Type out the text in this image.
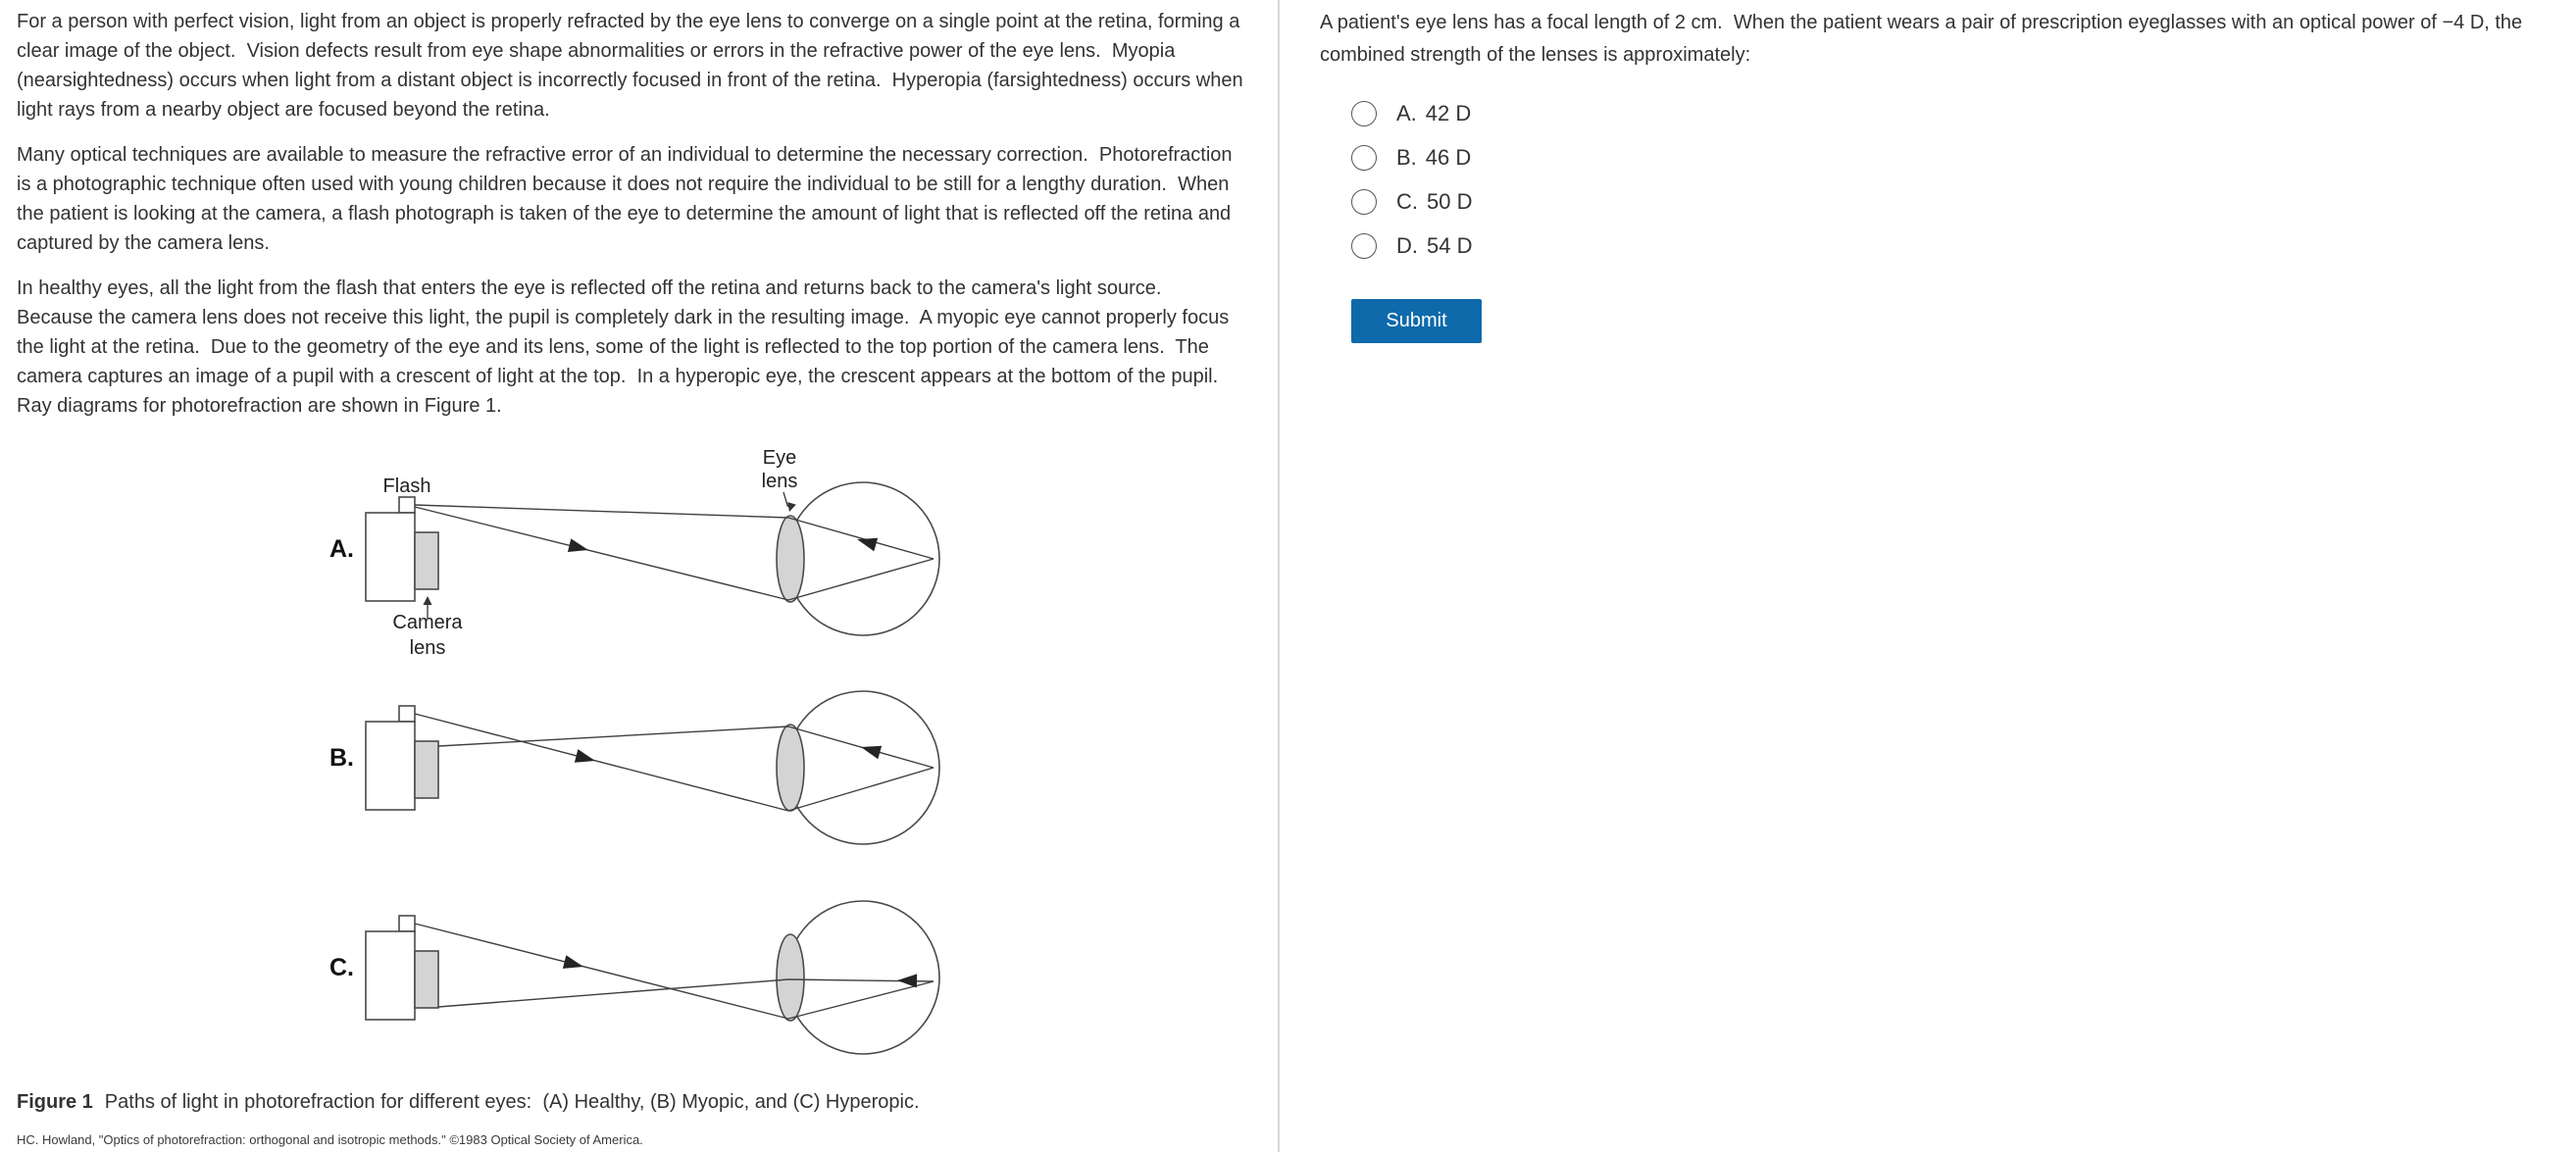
For a person with perfect vision, light from an object is properly refracted by the eye lens to converge on a single point at the retina, forming a clear image of the object.  Vision defects result from eye shape abnormalities or errors in the refractive power of the eye lens.  Myopia (nearsightedness) occurs when light from a distant object is incorrectly focused in front of the retina.  Hyperopia (farsightedness) occurs when light rays from a nearby object are focused beyond the retina.

Many optical techniques are available to measure the refractive error of an individual to determine the necessary correction.  Photorefraction is a photographic technique often used with young children because it does not require the individual to be still for a lengthy duration.  When the patient is looking at the camera, a flash photograph is taken of the eye to determine the amount of light that is reflected off the retina and captured by the camera lens.

In healthy eyes, all the light from the flash that enters the eye is reflected off the retina and returns back to the camera's light source.  Because the camera lens does not receive this light, the pupil is completely dark in the resulting image.  A myopic eye cannot properly focus the light at the retina.  Due to the geometry of the eye and its lens, some of the light is reflected to the top portion of the camera lens.  The camera captures an image of a pupil with a crescent of light at the top.  In a hyperopic eye, the crescent appears at the bottom of the pupil.  Ray diagrams for photorefraction are shown in Figure 1.

A.
Flash
Camera
lens
Eye
lens
B.
C.

Figure 1 Paths of light in photorefraction for different eyes:  (A) Healthy, (B) Myopic, and (C) Hyperopic.

HC. Howland, "Optics of photorefraction: orthogonal and isotropic methods." ©1983 Optical Society of America.

A patient's eye lens has a focal length of 2 cm.  When the patient wears a pair of prescription eyeglasses with an optical power of −4 D, the combined strength of the lenses is approximately:

A. 42 D
B. 46 D
C. 50 D
D. 54 D
Submit
